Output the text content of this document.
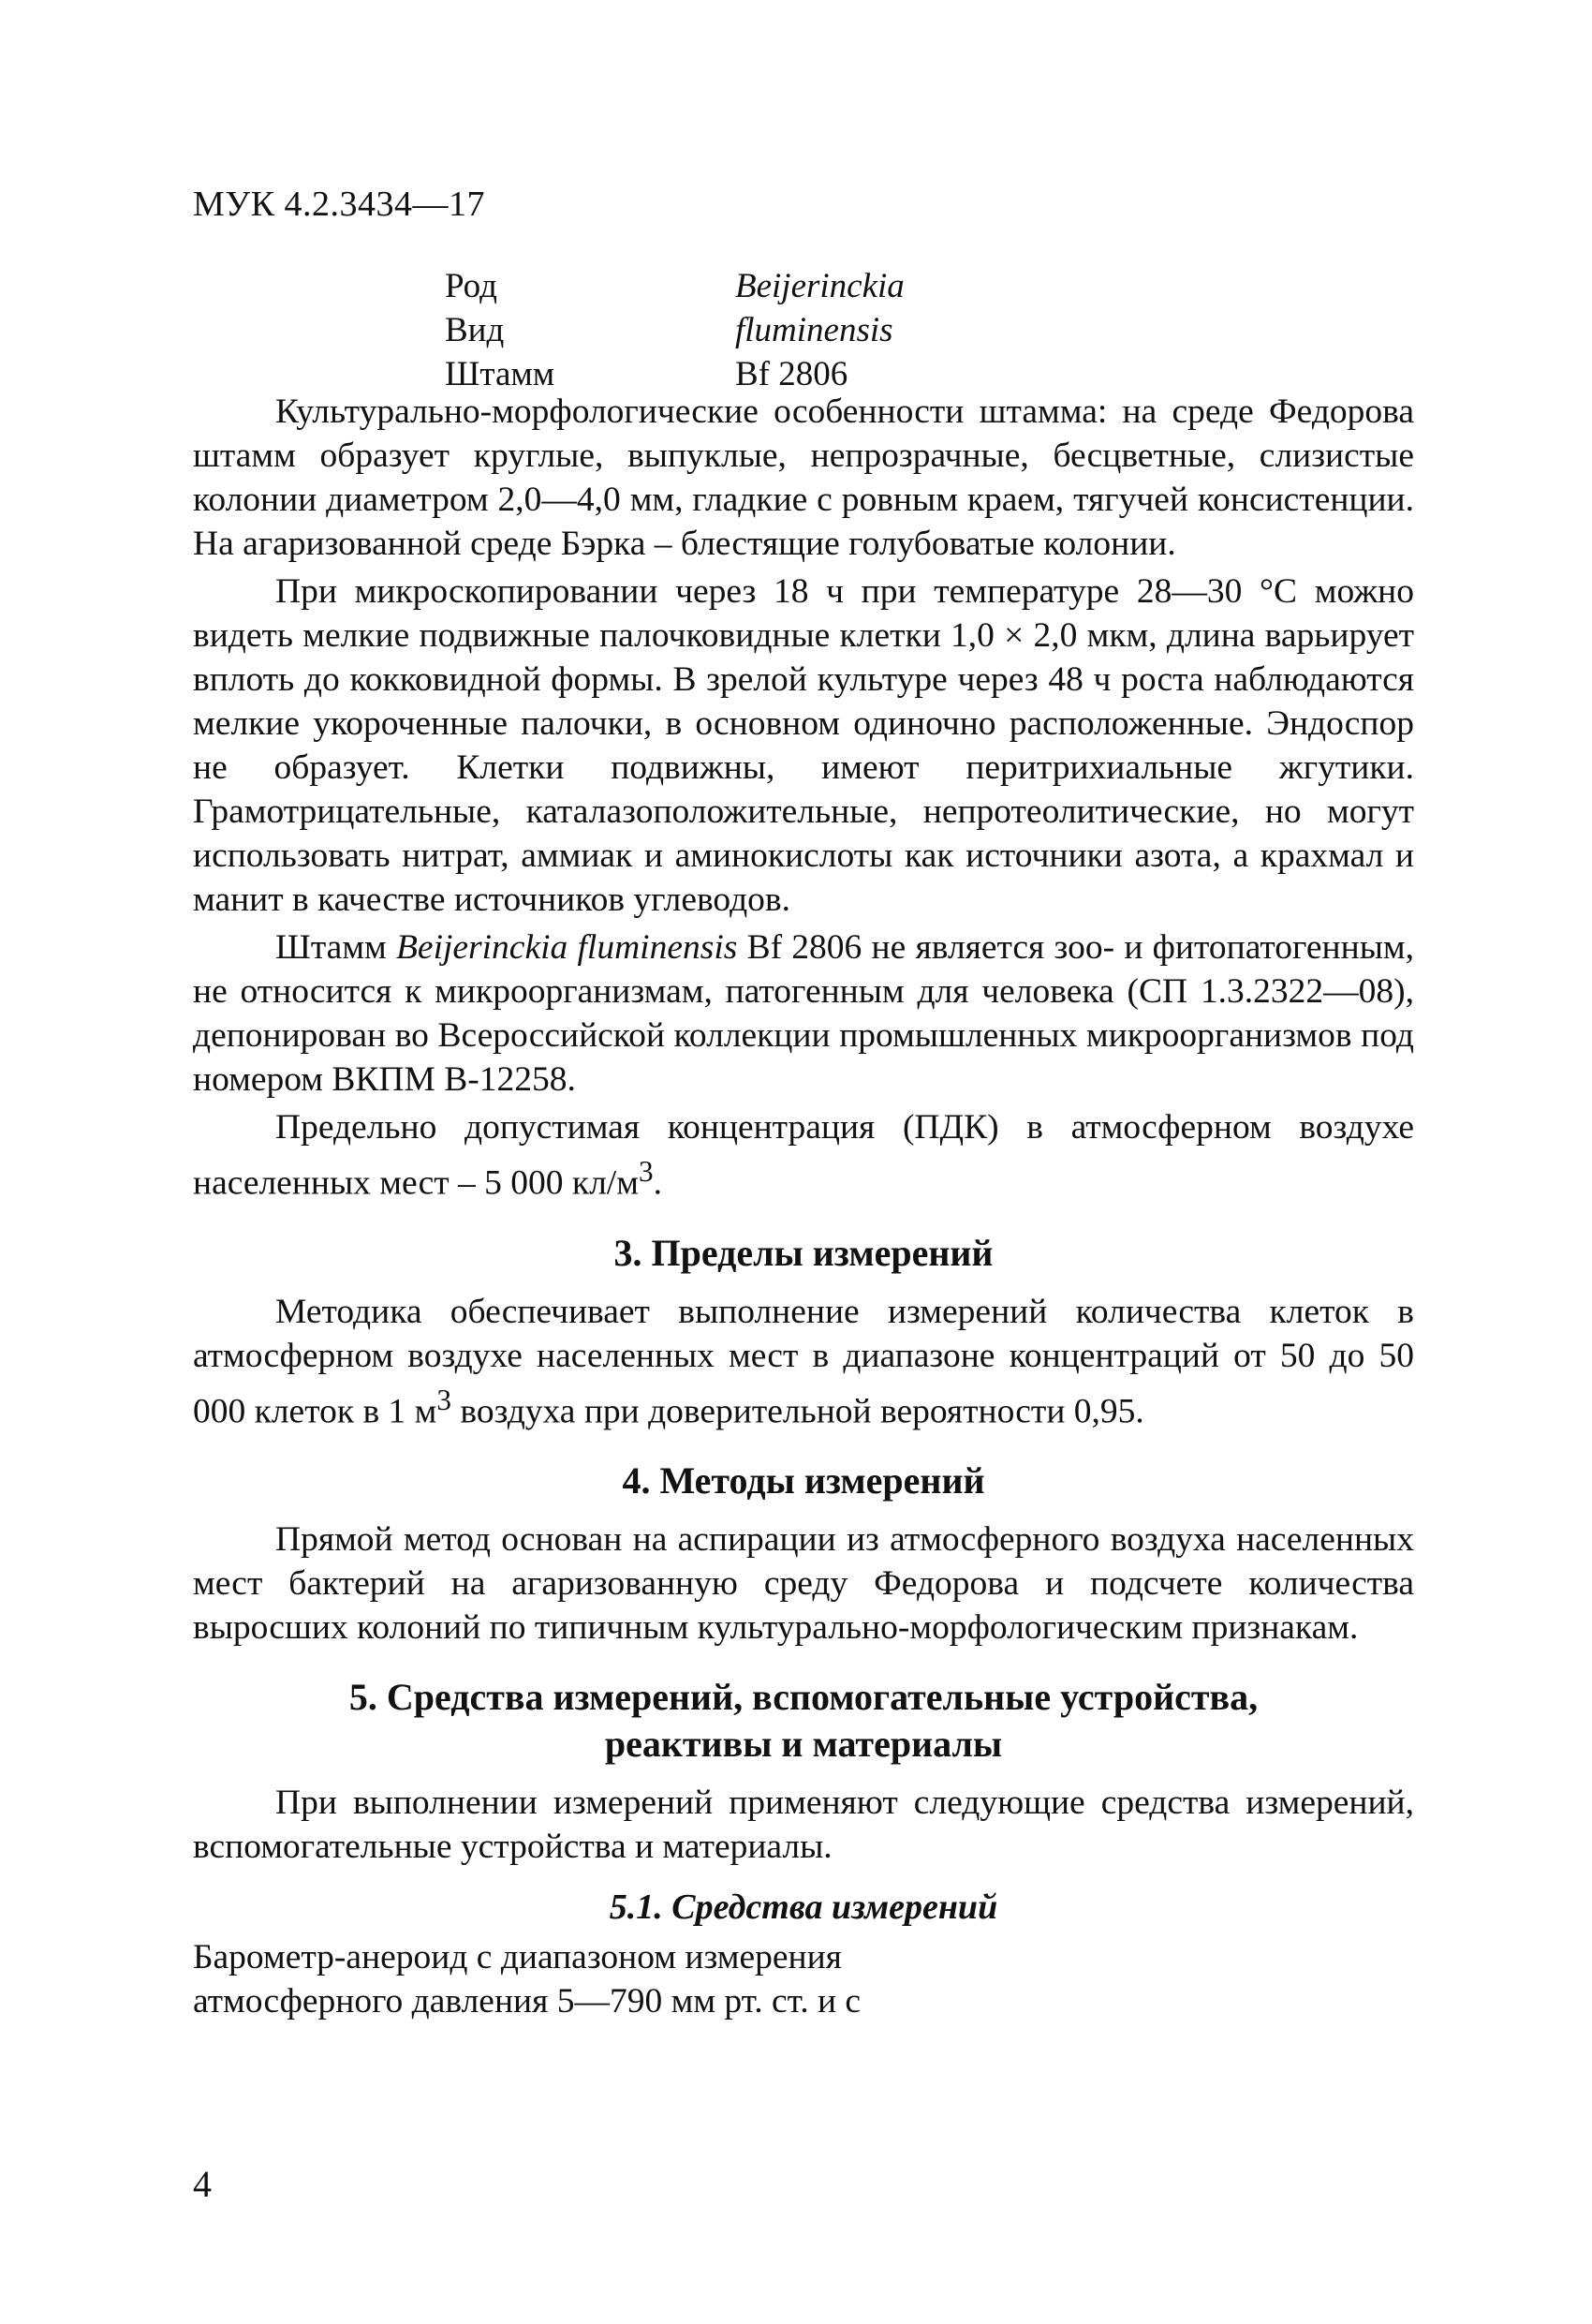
МУК 4.2.3434—17
Род	Beijerinckia
Вид	fluminensis
Штамм	Bf 2806

Культурально-морфологические особенности штамма: на среде Федорова штамм образует круглые, выпуклые, непрозрачные, бесцветные, слизистые колонии диаметром 2,0—4,0 мм, гладкие с ровным краем, тягучей консистенции. На агаризованной среде Бэрка – блестящие голубоватые колонии.

При микроскопировании через 18 ч при температуре 28—30 °С можно видеть мелкие подвижные палочковидные клетки 1,0 × 2,0 мкм, длина варьирует вплоть до кокковидной формы. В зрелой культуре через 48 ч роста наблюдаются мелкие укороченные палочки, в основном одиночно расположенные. Эндоспор не образует. Клетки подвижны, имеют перитрихиальные жгутики. Грамотрицательные, каталазоположительные, непротеолитические, но могут использовать нитрат, аммиак и аминокислоты как источники азота, а крахмал и манит в качестве источников углеводов.

Штамм Beijerinckia fluminensis Bf 2806 не является зоо- и фитопатогенным, не относится к микроорганизмам, патогенным для человека (СП 1.3.2322—08), депонирован во Всероссийской коллекции промышленных микроорганизмов под номером ВКПМ В-12258.

Предельно допустимая концентрация (ПДК) в атмосферном воздухе населенных мест – 5 000 $кл/м^3$.

3. Пределы измерений

Методика обеспечивает выполнение измерений количества клеток в атмосферном воздухе населенных мест в диапазоне концентраций от 50 до 50 000 клеток в 1 $м^3$ воздуха при доверительной вероятности 0,95.

4. Методы измерений

Прямой метод основан на аспирации из атмосферного воздуха населенных мест бактерий на агаризованную среду Федорова и подсчете количества выросших колоний по типичным культурально-морфологическим признакам.

5. Средства измерений, вспомогательные устройства,
реактивы и материалы

При выполнении измерений применяют следующие средства измерений, вспомогательные устройства и материалы.

5.1. Средства измерений

Барометр-анероид с диапазоном измерения
атмосферного давления 5—790 мм рт. ст. и с

4
